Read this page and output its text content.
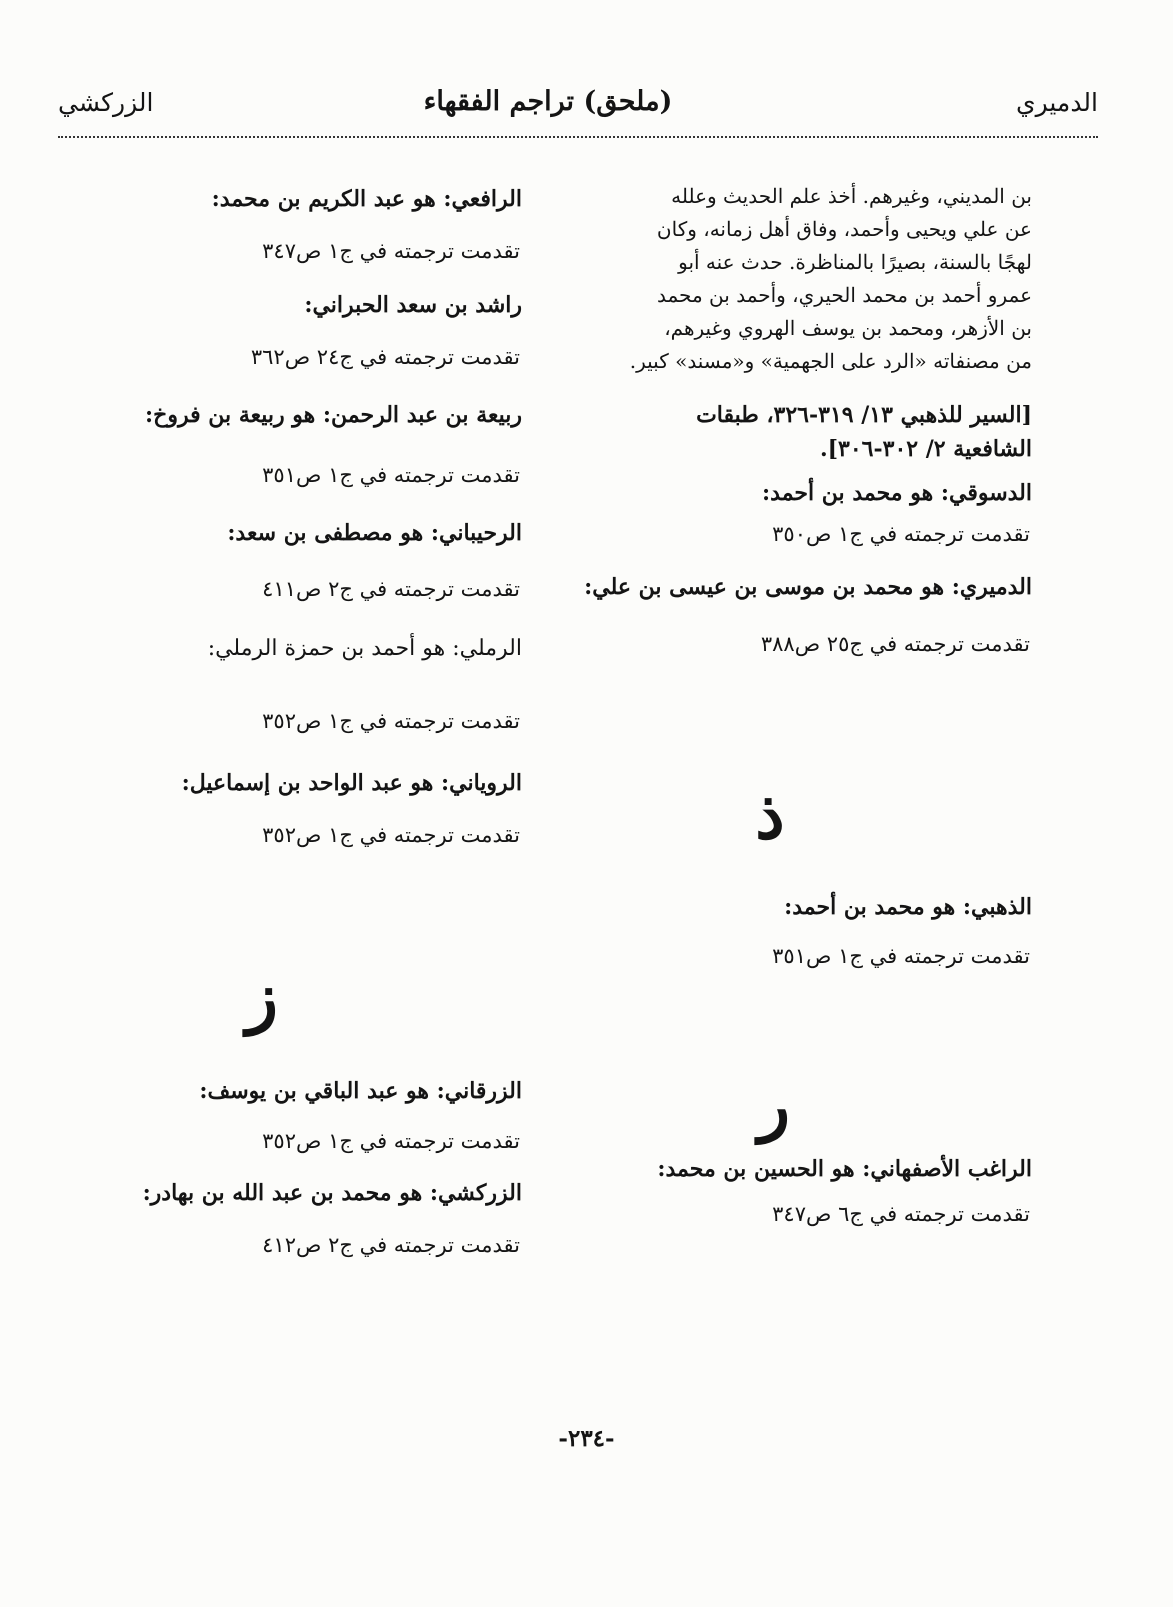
الدميري
(ملحق) تراجم الفقهاء
الزركشي

بن المديني، وغيرهم. أخذ علم الحديث وعلله

عن علي ويحيى وأحمد، وفاق أهل زمانه، وكان

لهجًا بالسنة، بصيرًا بالمناظرة. حدث عنه أبو

عمرو أحمد بن محمد الحيري، وأحمد بن محمد

بن الأزهر، ومحمد بن يوسف الهروي وغيرهم،

من مصنفاته «الرد على الجهمية» و«مسند» كبير.

[السير للذهبي ١٣/ ٣١٩-٣٢٦، طبقات

الشافعية ٢/ ٣٠٢-٣٠٦].

الدسوقي: هو محمد بن أحمد:

تقدمت ترجمته في ج١ ص٣٥٠

الدميري: هو محمد بن موسى بن عيسى بن علي:

تقدمت ترجمته في ج٢٥ ص٣٨٨

ذ

الذهبي: هو محمد بن أحمد:

تقدمت ترجمته في ج١ ص٣٥١

ر

الراغب الأصفهاني: هو الحسين بن محمد:

تقدمت ترجمته في ج٦ ص٣٤٧

الرافعي: هو عبد الكريم بن محمد:

تقدمت ترجمته في ج١ ص٣٤٧

راشد بن سعد الحبراني:

تقدمت ترجمته في ج٢٤ ص٣٦٢

ربيعة بن عبد الرحمن: هو ربيعة بن فروخ:

تقدمت ترجمته في ج١ ص٣٥١

الرحيباني: هو مصطفى بن سعد:

تقدمت ترجمته في ج٢ ص٤١١

الرملي: هو أحمد بن حمزة الرملي:

تقدمت ترجمته في ج١ ص٣٥٢

الروياني: هو عبد الواحد بن إسماعيل:

تقدمت ترجمته في ج١ ص٣٥٢

ز

الزرقاني: هو عبد الباقي بن يوسف:

تقدمت ترجمته في ج١ ص٣٥٢

الزركشي: هو محمد بن عبد الله بن بهادر:

تقدمت ترجمته في ج٢ ص٤١٢

-٢٣٤-
